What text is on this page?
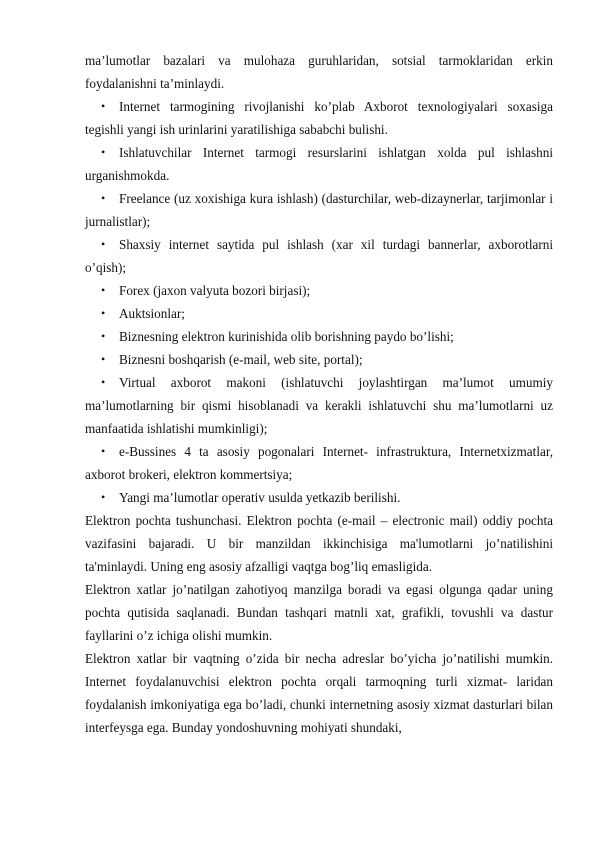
ma’lumotlar bazalari va mulohaza guruhlaridan, sotsial tarmoklaridan erkin foydalanishni ta’minlaydi.

• Internet tarmogining rivojlanishi ko’plab Axborot texnologiyalari soxasiga tegishli yangi ish urinlarini yaratilishiga sababchi bulishi.

• Ishlatuvchilar Internet tarmogi resurslarini ishlatgan xolda pul ishlashni urganishmokda.

• Freelance (uz xoxishiga kura ishlash) (dasturchilar, web-dizaynerlar, tarjimonlar i jurnalistlar);

• Shaxsiy internet saytida pul ishlash (xar xil turdagi bannerlar, axborotlarni o’qish);

• Forex (jaxon valyuta bozori birjasi);

• Auktsionlar;

• Biznesning elektron kurinishida olib borishning paydo bo’lishi;

• Biznesni boshqarish (e-mail, web site, portal);

• Virtual axborot makoni (ishlatuvchi joylashtirgan ma’lumot umumiy ma’lumotlarning bir qismi hisoblanadi va kerakli ishlatuvchi shu ma’lumotlarni uz manfaatida ishlatishi mumkinligi);

• e-Bussines 4 ta asosiy pogonalari Internet- infrastruktura, Internetxizmatlar, axborot brokeri, elektron kommertsiya;

• Yangi ma’lumotlar operativ usulda yetkazib berilishi.

Elektron pochta tushunchasi. Elektron pochta (e-mail – electronic mail) oddiy pochta vazifasini bajaradi. U bir manzildan ikkinchisiga ma'lumotlarni jo’natilishini ta'minlaydi. Uning eng asosiy afzalligi vaqtga bog’liq emasligida.

Elektron xatlar jo’natilgan zahotiyoq manzilga boradi va egasi olgunga qadar uning pochta qutisida saqlanadi. Bundan tashqari matnli xat, grafikli, tovushli va dastur fayllarini o’z ichiga olishi mumkin.

Elektron xatlar bir vaqtning o’zida bir necha adreslar bo’yicha jo’natilishi mumkin. Internet foydalanuvchisi elektron pochta orqali tarmoqning turli xizmat- laridan foydalanish imkoniyatiga ega bo’ladi, chunki internetning asosiy xizmat dasturlari bilan interfeysga ega. Bunday yondoshuvning mohiyati shundaki,
